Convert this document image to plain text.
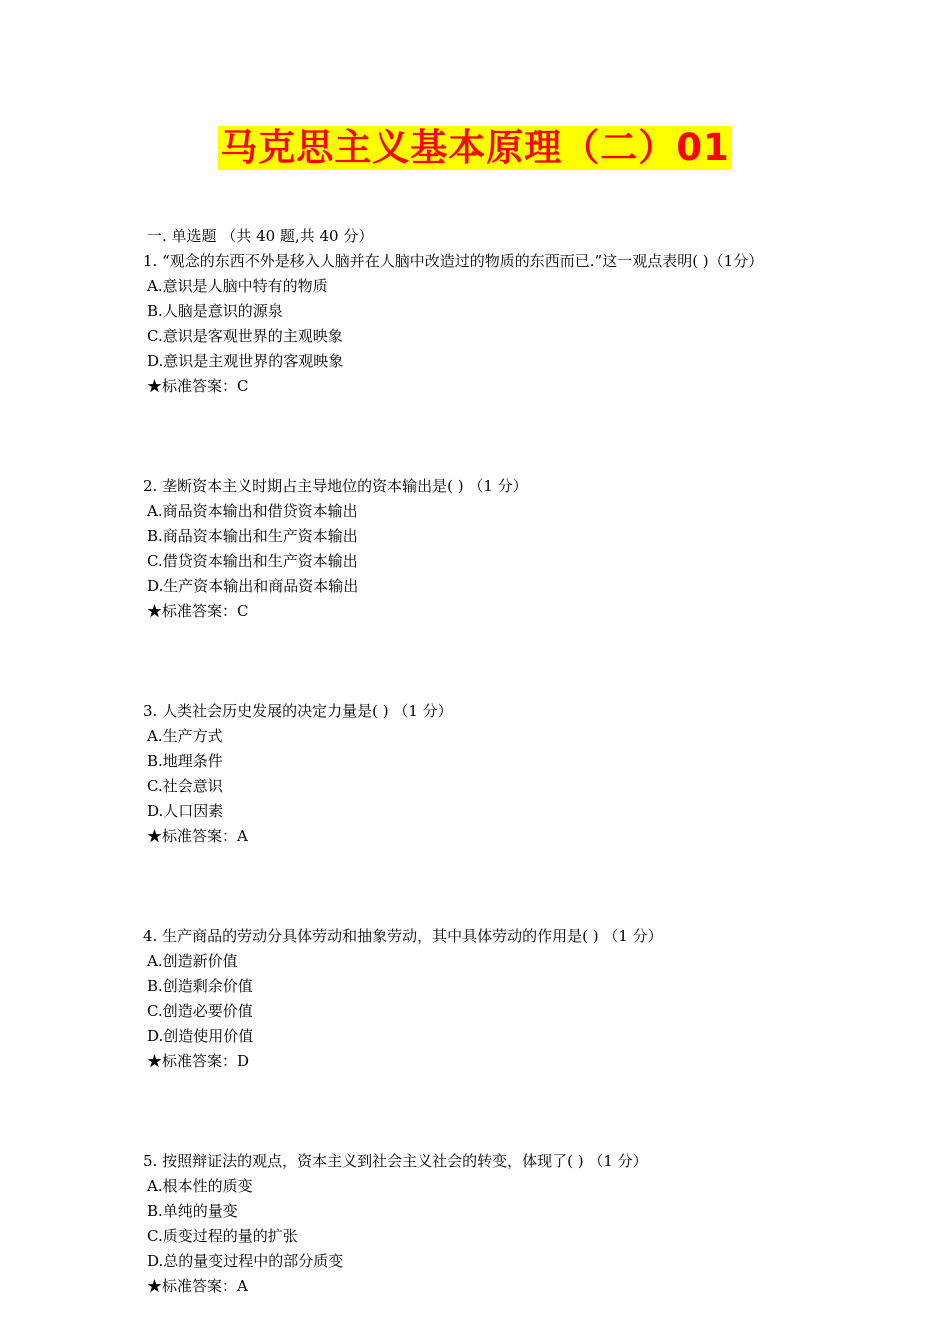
马克思主义基本原理（二）01
一. 单选题 （共 40 题,共 40 分）
1. “观念的东西不外是移入人脑并在人脑中改造过的物质的东西而已.”这一观点表明( )（1分）
A.意识是人脑中特有的物质
B.人脑是意识的源泉
C.意识是客观世界的主观映象
D.意识是主观世界的客观映象
★标准答案：C
2. 垄断资本主义时期占主导地位的资本输出是( ) （1 分）
A.商品资本输出和借贷资本输出
B.商品资本输出和生产资本输出
C.借贷资本输出和生产资本输出
D.生产资本输出和商品资本输出
★标准答案：C
3. 人类社会历史发展的决定力量是( ) （1 分）
A.生产方式
B.地理条件
C.社会意识
D.人口因素
★标准答案：A
4. 生产商品的劳动分具体劳动和抽象劳动，其中具体劳动的作用是( ) （1 分）
A.创造新价值
B.创造剩余价值
C.创造必要价值
D.创造使用价值
★标准答案：D
5. 按照辩证法的观点，资本主义到社会主义社会的转变，体现了( ) （1 分）
A.根本性的质变
B.单纯的量变
C.质变过程的量的扩张
D.总的量变过程中的部分质变
★标准答案：A
